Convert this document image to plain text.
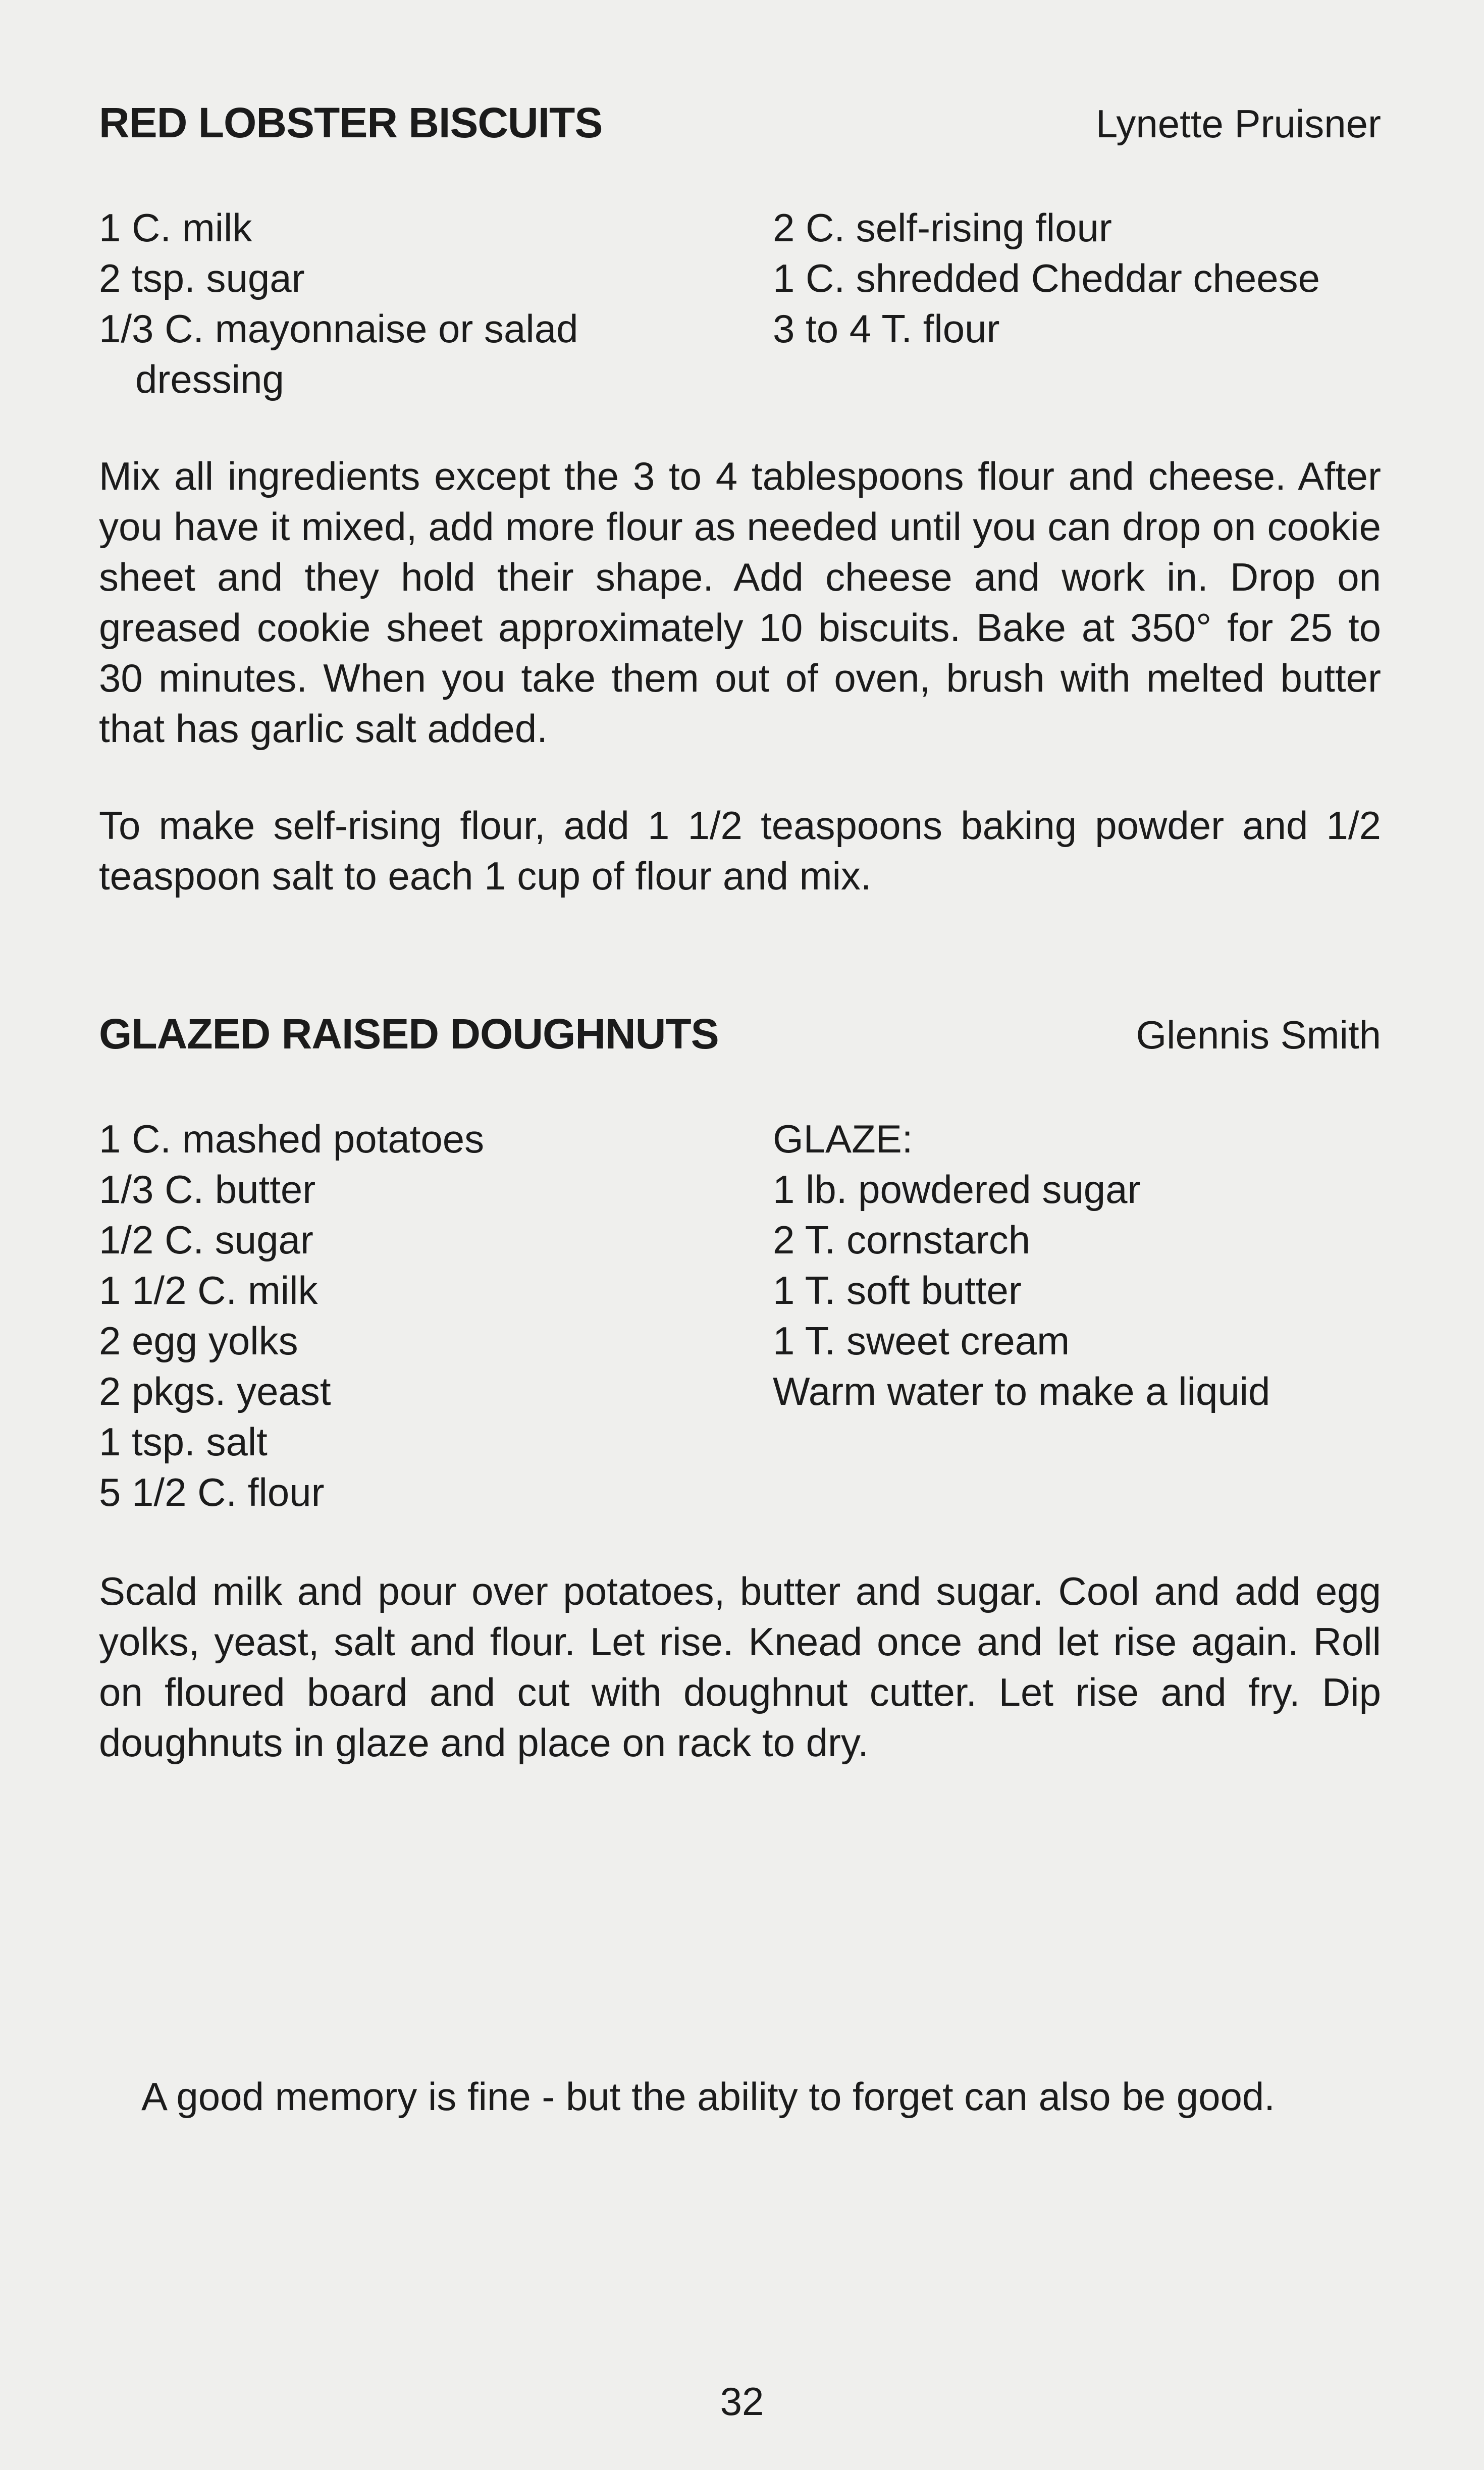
RED LOBSTER BISCUITS	Lynette Pruisner
1 C. milk
2 tsp. sugar
1/3 C. mayonnaise or salad
dressing
2 C. self-rising flour
1 C. shredded Cheddar cheese
3 to 4 T. flour

Mix all ingredients except the 3 to 4 tablespoons flour and cheese. After you have it mixed, add more flour as needed until you can drop on cookie sheet and they hold their shape. Add cheese and work in. Drop on greased cookie sheet approximately 10 biscuits. Bake at 350° for 25 to 30 minutes. When you take them out of oven, brush with melted butter that has garlic salt added.

To make self-rising flour, add 1 1/2 teaspoons baking powder and 1/2 teaspoon salt to each 1 cup of flour and mix.

GLAZED RAISED DOUGHNUTS	Glennis Smith
1 C. mashed potatoes
1/3 C. butter
1/2 C. sugar
1 1/2 C. milk
2 egg yolks
2 pkgs. yeast
1 tsp. salt
5 1/2 C. flour
GLAZE:
1 lb. powdered sugar
2 T. cornstarch
1 T. soft butter
1 T. sweet cream
Warm water to make a liquid

Scald milk and pour over potatoes, butter and sugar. Cool and add egg yolks, yeast, salt and flour. Let rise. Knead once and let rise again. Roll on floured board and cut with doughnut cutter. Let rise and fry. Dip doughnuts in glaze and place on rack to dry.

A good memory is fine - but the ability to forget can also be good.
32
